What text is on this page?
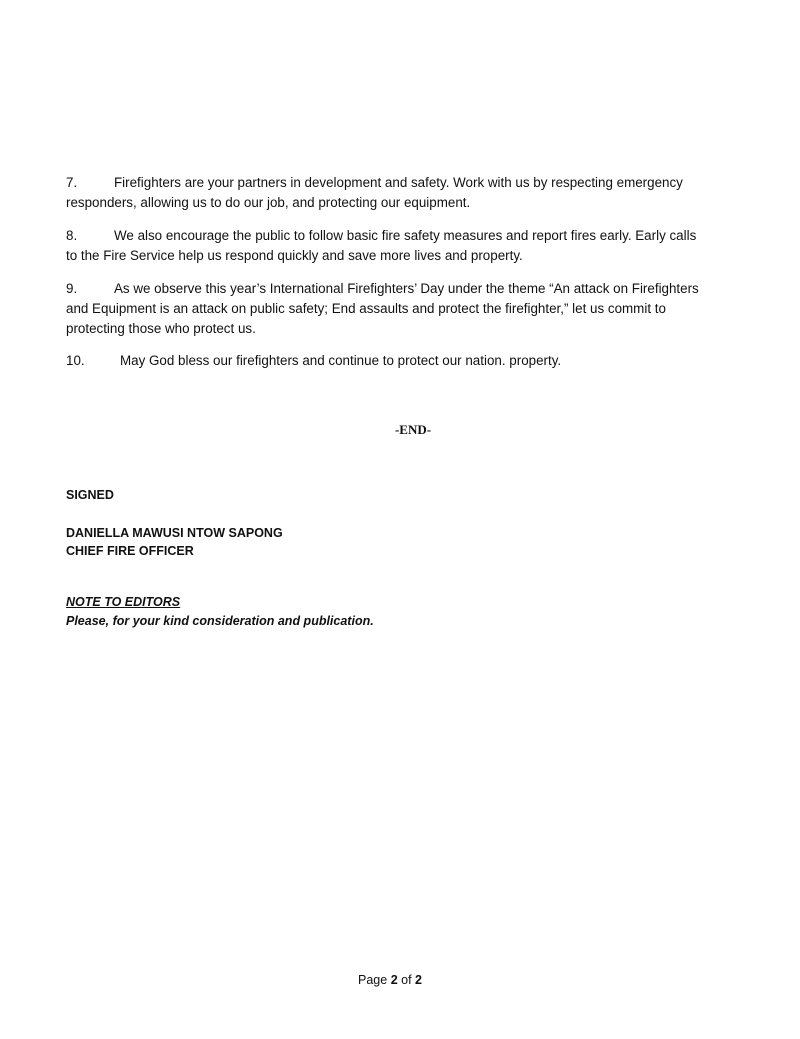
7.	Firefighters are your partners in development and safety. Work with us by respecting emergency responders, allowing us to do our job, and protecting our equipment.

8.	We also encourage the public to follow basic fire safety measures and report fires early. Early calls to the Fire Service help us respond quickly and save more lives and property.

9.	As we observe this year’s International Firefighters’ Day under the theme “An attack on Firefighters and Equipment is an attack on public safety; End assaults and protect the firefighter,” let us commit to protecting those who protect us.

10.	May God bless our firefighters and continue to protect our nation. property.

-END-
SIGNED
DANIELLA MAWUSI NTOW SAPONG
CHIEF FIRE OFFICER
NOTE TO EDITORS
Please, for your kind consideration and publication.
Page 2 of 2
